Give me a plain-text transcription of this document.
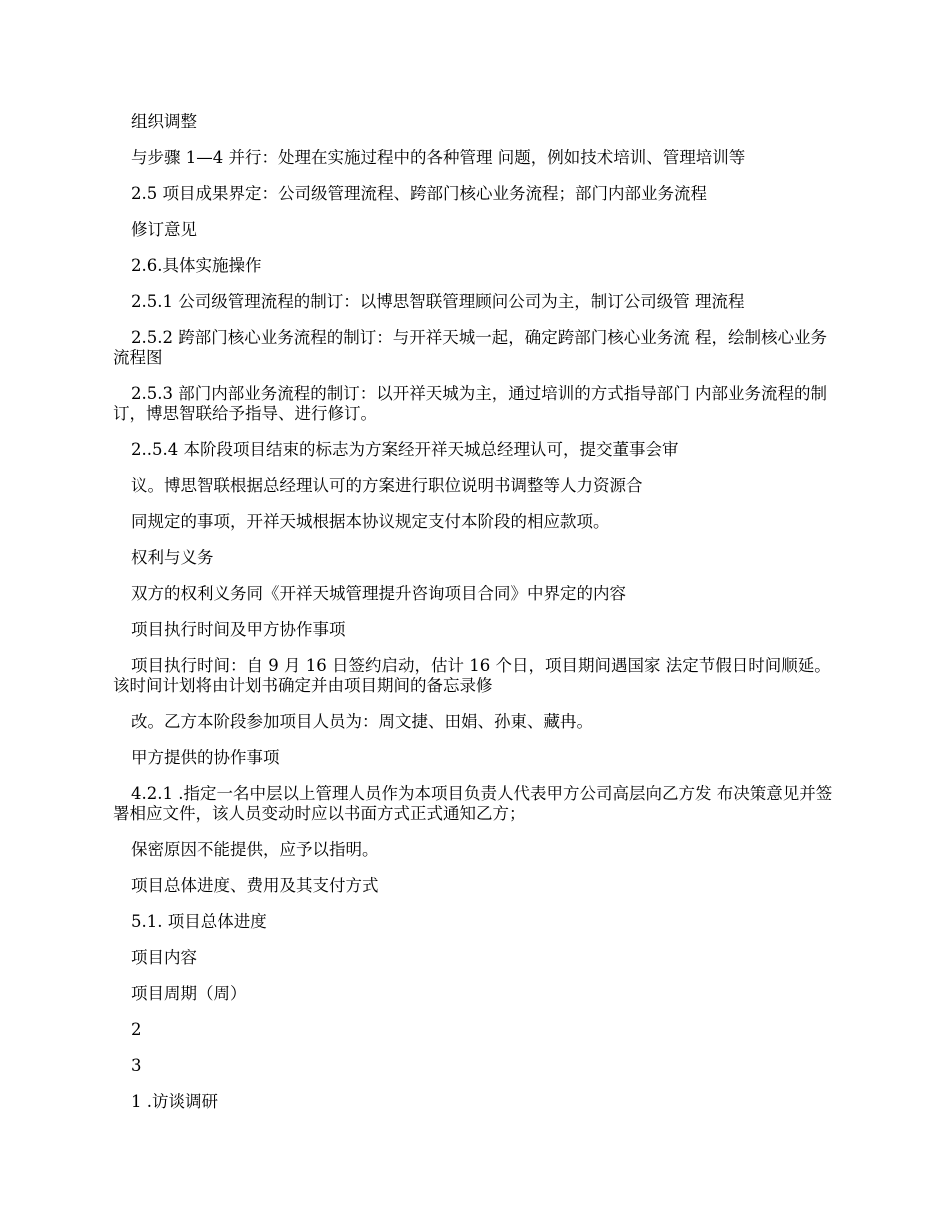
组织调整

与步骤 1—4 并行：处理在实施过程中的各种管理 问题，例如技术培训、管理培训等

2.5 项目成果界定：公司级管理流程、跨部门核心业务流程；部门内部业务流程

修订意见

2.6.具体实施操作

2.5.1 公司级管理流程的制订：以博思智联管理顾问公司为主，制订公司级管 理流程

2.5.2 跨部门核心业务流程的制订：与开祥天城一起，确定跨部门核心业务流 程，绘制核心业务流程图

2.5.3 部门内部业务流程的制订：以开祥天城为主，通过培训的方式指导部门 内部业务流程的制订，博思智联给予指导、进行修订。

2..5.4 本阶段项目结束的标志为方案经开祥天城总经理认可，提交董事会审

议。博思智联根据总经理认可的方案进行职位说明书调整等人力资源合

同规定的事项，开祥天城根据本协议规定支付本阶段的相应款项。

权利与义务

双方的权利义务同《开祥天城管理提升咨询项目合同》中界定的内容

项目执行时间及甲方协作事项

项目执行时间：自 9 月 16 日签约启动，估计 16 个日，项目期间遇国家 法定节假日时间顺延。该时间计划将由计划书确定并由项目期间的备忘录修

改。乙方本阶段参加项目人员为：周文捷、田娟、孙東、藏冉。

甲方提供的协作事项

4.2.1 .指定一名中层以上管理人员作为本项目负责人代表甲方公司高层向乙方发 布决策意见并签署相应文件，该人员变动时应以书面方式正式通知乙方；

保密原因不能提供，应予以指明。

项目总体进度、费用及其支付方式

5.1. 项目总体进度

项目内容

项目周期（周）

2

3

1 .访谈调研
